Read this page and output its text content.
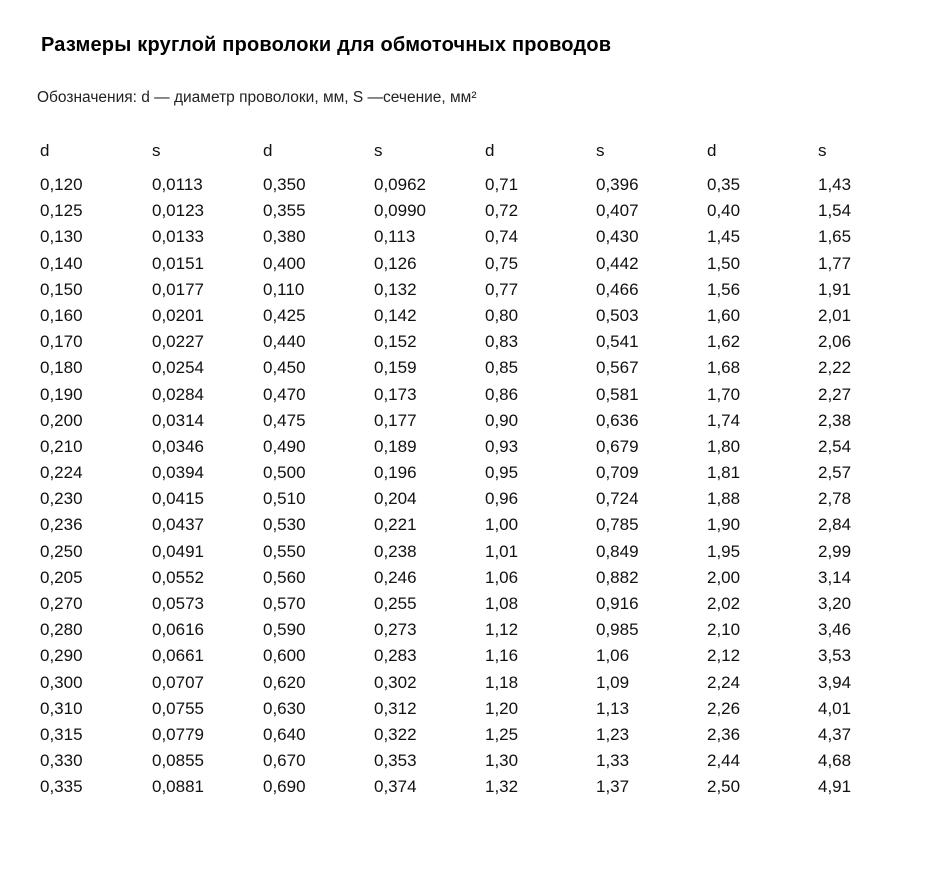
Размеры круглой проволоки для обмоточных проводов
Обозначения: d — диаметр проволоки, мм, S —сечение, мм²
d	s	d	s	d	s	d	s
0,120	0,0113	0,350	0,0962	0,71	0,396	0,35	1,43
0,125	0,0123	0,355	0,0990	0,72	0,407	0,40	1,54
0,130	0,0133	0,380	0,113	0,74	0,430	1,45	1,65
0,140	0,0151	0,400	0,126	0,75	0,442	1,50	1,77
0,150	0,0177	0,110	0,132	0,77	0,466	1,56	1,91
0,160	0,0201	0,425	0,142	0,80	0,503	1,60	2,01
0,170	0,0227	0,440	0,152	0,83	0,541	1,62	2,06
0,180	0,0254	0,450	0,159	0,85	0,567	1,68	2,22
0,190	0,0284	0,470	0,173	0,86	0,581	1,70	2,27
0,200	0,0314	0,475	0,177	0,90	0,636	1,74	2,38
0,210	0,0346	0,490	0,189	0,93	0,679	1,80	2,54
0,224	0,0394	0,500	0,196	0,95	0,709	1,81	2,57
0,230	0,0415	0,510	0,204	0,96	0,724	1,88	2,78
0,236	0,0437	0,530	0,221	1,00	0,785	1,90	2,84
0,250	0,0491	0,550	0,238	1,01	0,849	1,95	2,99
0,205	0,0552	0,560	0,246	1,06	0,882	2,00	3,14
0,270	0,0573	0,570	0,255	1,08	0,916	2,02	3,20
0,280	0,0616	0,590	0,273	1,12	0,985	2,10	3,46
0,290	0,0661	0,600	0,283	1,16	1,06	2,12	3,53
0,300	0,0707	0,620	0,302	1,18	1,09	2,24	3,94
0,310	0,0755	0,630	0,312	1,20	1,13	2,26	4,01
0,315	0,0779	0,640	0,322	1,25	1,23	2,36	4,37
0,330	0,0855	0,670	0,353	1,30	1,33	2,44	4,68
0,335	0,0881	0,690	0,374	1,32	1,37	2,50	4,91
